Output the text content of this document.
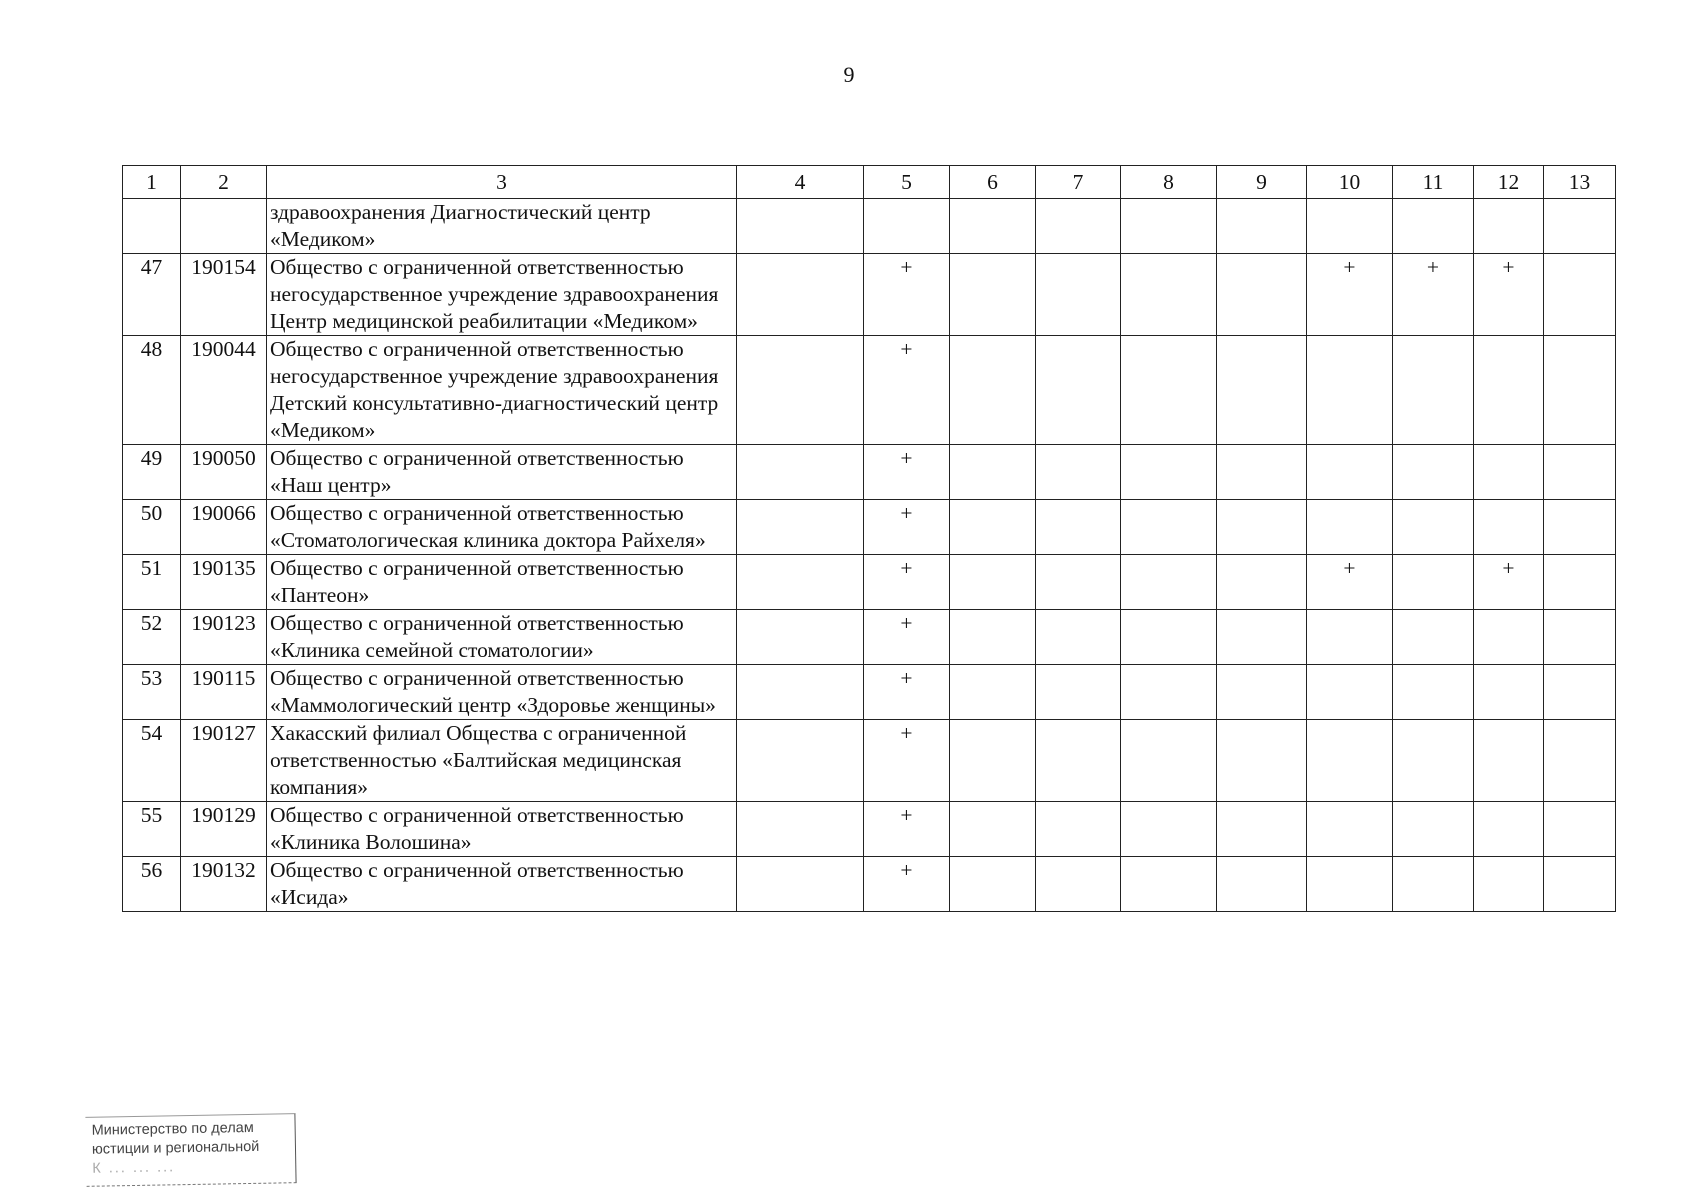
9
1	2	3	4	5	6	7	8	9	10	11	12	13
		здравоохранения Диагностический центр «Медиком»										
47	190154	Общество с ограниченной ответственностью негосударственное учреждение здравоохранения Центр медицинской реабилитации «Медиком»		+					+	+	+	
48	190044	Общество с ограниченной ответственностью негосударственное учреждение здравоохранения Детский консультативно-диагностический центр «Медиком»		+								
49	190050	Общество с ограниченной ответственностью «Наш центр»		+								
50	190066	Общество с ограниченной ответственностью «Стоматологическая клиника доктора Райхеля»		+								
51	190135	Общество с ограниченной ответственностью «Пантеон»		+					+		+	
52	190123	Общество с ограниченной ответственностью «Клиника семейной стоматологии»		+								
53	190115	Общество с ограниченной ответственностью «Маммологический центр «Здоровье женщины»		+								
54	190127	Хакасский филиал Общества с ограниченной ответственностью «Балтийская медицинская компания»		+								
55	190129	Общество с ограниченной ответственностью «Клиника Волошина»		+								
56	190132	Общество с ограниченной ответственностью «Исида»		+								
Министерство по делам
юстиции и региональной
К ... ... ...
